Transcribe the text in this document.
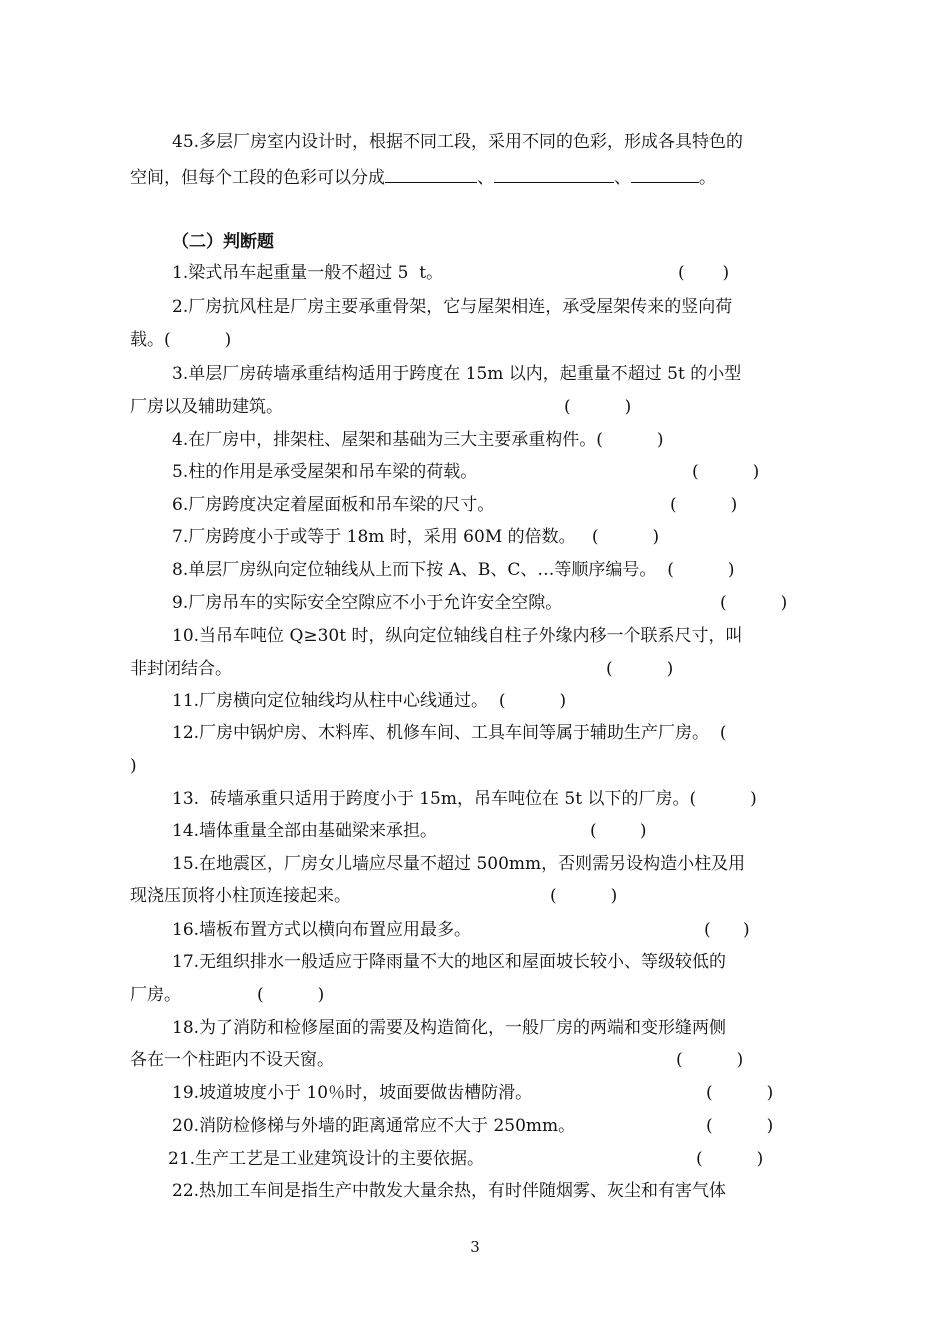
45.多层厂房室内设计时，根据不同工段，采用不同的色彩，形成各具特色的
空间，但每个工段的色彩可以分成	、	、	。
（二）判断题
1.梁式吊车起重量一般不超过 5  t。	(       )
2.厂房抗风柱是厂房主要承重骨架，它与屋架相连，承受屋架传来的竖向荷
载。(          )
3.单层厂房砖墙承重结构适用于跨度在 15m 以内，起重量不超过 5t 的小型
厂房以及辅助建筑。	(          )
4.在厂房中，排架柱、屋架和基础为三大主要承重构件。(          )
5.柱的作用是承受屋架和吊车梁的荷载。	(          )
6.厂房跨度决定着屋面板和吊车梁的尺寸。	(          )
7.厂房跨度小于或等于 18m 时，采用 60M 的倍数。   (          )
8.单层厂房纵向定位轴线从上而下按 A、B、C、…等顺序编号。  (          )
9.厂房吊车的实际安全空隙应不小于允许安全空隙。	(          )
10.当吊车吨位 Q≥30t 时，纵向定位轴线自柱子外缘内移一个联系尺寸，叫
非封闭结合。	(          )
11.厂房横向定位轴线均从柱中心线通过。  (          )
12.厂房中锅炉房、木料库、机修车间、工具车间等属于辅助生产厂房。  (
)
13.  砖墙承重只适用于跨度小于 15m，吊车吨位在 5t 以下的厂房。(          )
14.墙体重量全部由基础梁来承担。	(        )
15.在地震区，厂房女儿墙应尽量不超过 500mm，否则需另设构造小柱及用
现浇压顶将小柱顶连接起来。	(          )
16.墙板布置方式以横向布置应用最多。	(      )
17.无组织排水一般适应于降雨量不大的地区和屋面坡长较小、等级较低的
厂房。	(          )
18.为了消防和检修屋面的需要及构造简化，一般厂房的两端和变形缝两侧
各在一个柱距内不设天窗。	(          )
19.坡道坡度小于 10％时，坡面要做齿槽防滑。	(          )
20.消防检修梯与外墙的距离通常应不大于 250mm。	(          )
21.生产工艺是工业建筑设计的主要依据。	(          )
22.热加工车间是指生产中散发大量余热，有时伴随烟雾、灰尘和有害气体
3
